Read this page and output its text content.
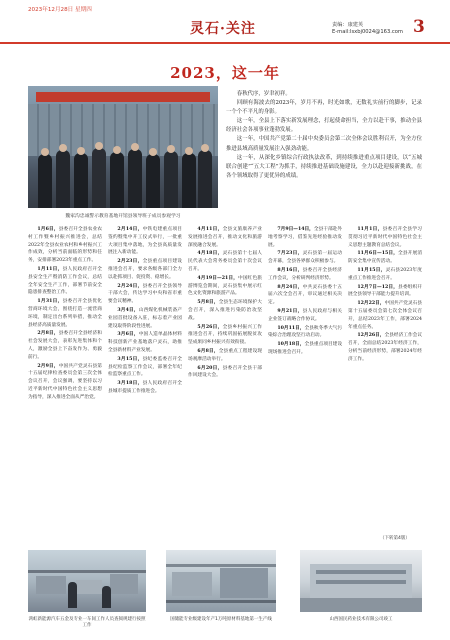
2023年12月28日 星期四
灵石·关注	责编：康建英
E-mail:lsxbj0024@163.com 3
2023，这一年
魏家沟忠诚警示教育基地开馆县领导班子成员参观学习

春秋代序，岁聿初祥。

回顾有海波去的2023年，岁月不再，时光如歌，无数礼实前行的脚步，记录一个个不平凡的身影。

这一年，全县上下落实新发展理念，打起使命担当，全力以赴干事，推动全县经济社会各项事业蓬勃发展。

这一年，中国共产党第二十届中央委员会第二次全体会议胜利召开，为全方位推进县域高质量发展注入强劲动能。

这一年，从深化乡镇综合行政执法改革，到持续推进重点项目建设，以“五城联合创建”“五大工程”为抓手，持续推进基础设施建设，全力以赴迎接新挑战，在各个领域取得了更优异的成绩。

1月6日，县委召开全县农业农村工作暨乡村振兴推进会，总结2022年全县农业农村和乡村振兴工作成效，分析当前面临的形势和任务，安排部署2023年重点工作。

1月11日，县人民政府召开全县安全生产暨消防工作会议，总结全年安全生产工作，部署节前安全隐患排查整治工作。

1月31日，县委召开全县优化营商环境大会，围绕打造一流营商环境，制定出台系列举措，推动全县经济高质量发展。

2月8日，县委召开全县经济和社会发展大会，表彰先进集体和个人，激励全县上下奋发作为、勇毅前行。

2月9日，中国共产党灵石县第十五届纪律检查委员会第三次全体会议召开，会议强调，要坚持以习近平新时代中国特色社会主义思想为指导，深入推进全面从严治党。

2月14日，中铁电建重点项目签约暨集中开工仪式举行，一批重大项目集中落地，为全县高质量发展注入新动能。

2月23日，全县重点项目建设推进会召开，要求各级各部门全力以赴抓项目、促投资、稳增长。

2月24日，县委召开全县领导干部大会，传达学习中央和省市重要会议精神。

3月4日，山西煤化机械装备产业园首批设备入驻，标志着产业园建设取得阶段性进展。

3月6日，中国人造单晶体材料科技创新产业基地落户灵石，助推全县新材料产业发展。

3月15日，县纪委监委召开全县纪检监察工作会议，部署全年纪检监察重点工作。

3月18日，县人民政府召开全县城市提质工作推进会。

4月11日，全县文旅康养产业发展推进会召开，推动文化和旅游深度融合发展。

4月18日，灵石县第十七届人民代表大会常务委员会第十次会议召开。

4月19日—21日，中国红色旅游博览会期间，灵石县集中展示红色文化资源和旅游产品。

5月8日，全县生态环境保护大会召开，深入推进污染防治攻坚战。

5月26日，全县乡村振兴工作推进会召开，持续巩固拓展脱贫攻坚成果同乡村振兴有效衔接。

6月8日，全县重点工程建设现场观摩活动举行。

6月20日，县委召开全县干部作风建设大会。

7月9日—14日，全县干部赴外地考察学习，借鉴先进经验推动发展。

7月23日，灵石县第一届运动会开幕，全县各界群众积极参与。

8月16日，县委召开全县经济工作会议，分析研判经济形势。

8月24日，中共灵石县委十五届六次全会召开，审议通过相关决定。

9月21日，县人民政府与相关企业签订战略合作协议。

10月11日，全县秋冬季大气污染综合治理攻坚行动启动。

10月18日，全县重点项目建设现场推进会召开。

11月1日，县委召开全县学习贯彻习近平新时代中国特色社会主义思想主题教育总结会议。

11月6日—15日，全县开展消防安全集中宣传活动。

11月15日，灵石县2023年度重点工作推进会召开。

12月7日—12日，县委组织开展全县领导干部能力提升培训。

12月22日，中国共产党灵石县第十五届委员会第七次全体会议召开，总结2023年工作，部署2024年重点任务。

12月26日，全县经济工作会议召开，全面总结2023年经济工作，分析当前经济形势，部署2024年经济工作。

（下转第4版）
鸿虹新能源汽车五金及专业一车间工作人员查阅规建行按照工作
国储能专业级建设年产1万吨原材料基地第一生产线	山西国民药业技术有限公司竣工
